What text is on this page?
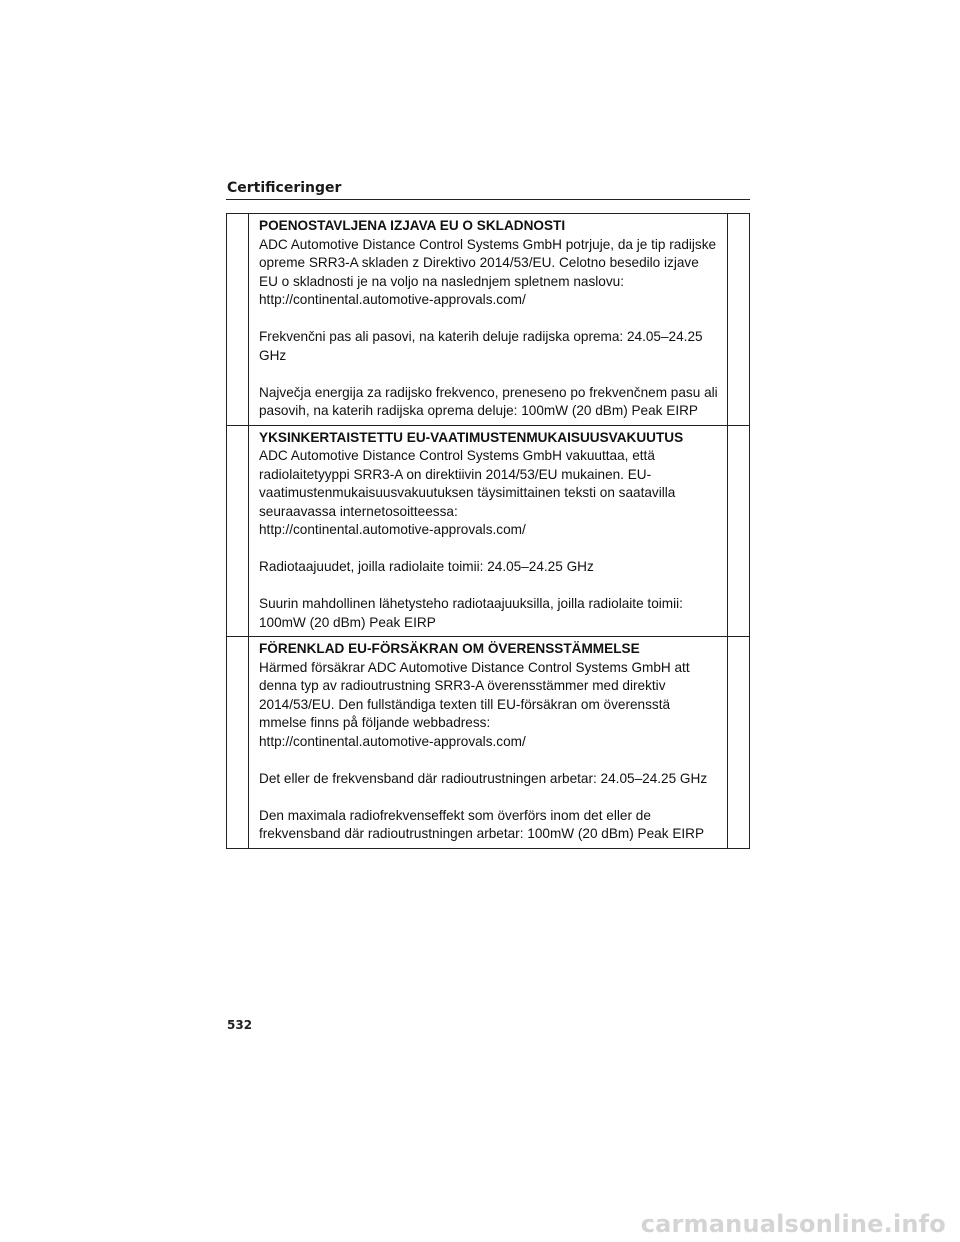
Certificeringer

	POENOSTAVLJENA IZJAVA EU O SKLADNOSTI

ADC Automotive Distance Control Systems GmbH potrjuje, da je tip radijske opreme SRR3-A skladen z Direktivo 2014/53/EU. Celotno besedilo izjave EU o skladnosti je na voljo na naslednjem spletnem naslovu:

http://continental.automotive-approvals.com/

Frekvenčni pas ali pasovi, na katerih deluje radijska oprema: 24.05–24.25 GHz

Največja energija za radijsko frekvenco, preneseno po frekvenčnem pasu ali pasovih, na katerih radijska oprema deluje: 100mW (20 dBm) Peak EIRP	

	YKSINKERTAISTETTU EU-VAATIMUSTENMUKAISUUSVAKUUTUS

ADC Automotive Distance Control Systems GmbH vakuuttaa, että radiolaitetyyppi SRR3-A on direktiivin 2014/53/EU mukainen. EU-vaatimustenmukaisuusvakuutuksen täysimittainen teksti on saatavilla seuraavassa internetosoitteessa:

http://continental.automotive-approvals.com/

Radiotaajuudet, joilla radiolaite toimii: 24.05–24.25 GHz

Suurin mahdollinen lähetysteho radiotaajuuksilla, joilla radiolaite toimii: 100mW (20 dBm) Peak EIRP	

	FÖRENKLAD EU-FÖRSÄKRAN OM ÖVERENSSTÄMMELSE

Härmed försäkrar ADC Automotive Distance Control Systems GmbH att denna typ av radioutrustning SRR3-A överensstämmer med direktiv 2014/53/EU. Den fullständiga texten till EU-försäkran om överensstä mmelse finns på följande webbadress:

http://continental.automotive-approvals.com/

Det eller de frekvensband där radioutrustningen arbetar: 24.05–24.25 GHz

Den maximala radiofrekvenseffekt som överförs inom det eller de frekvensband där radioutrustningen arbetar: 100mW (20 dBm) Peak EIRP	

532

carmanualsonline.info
